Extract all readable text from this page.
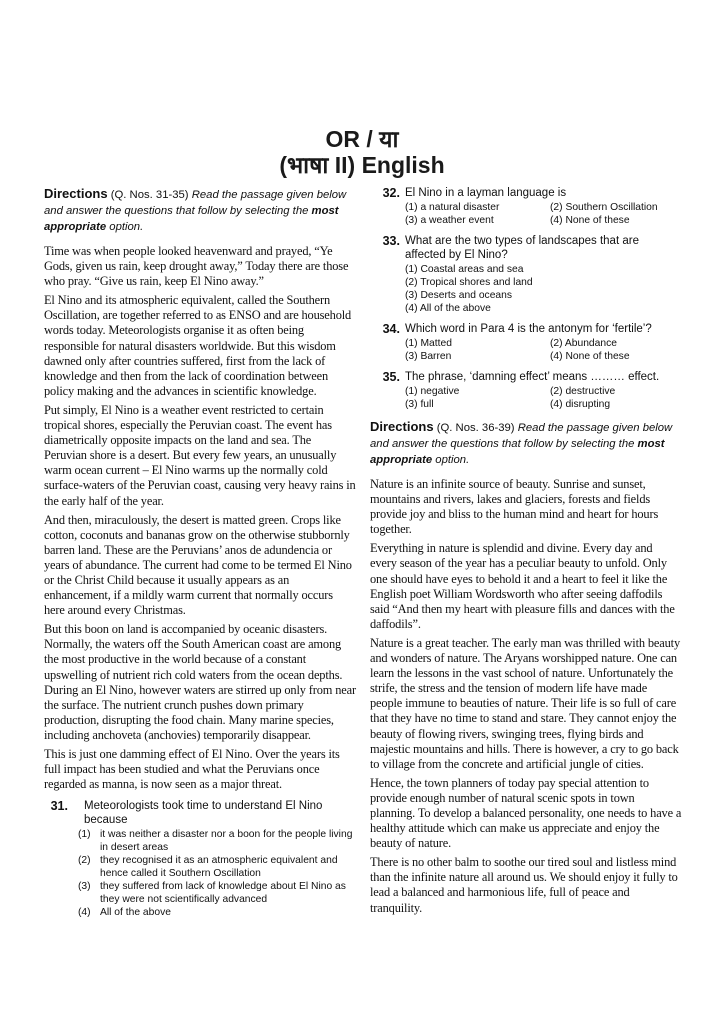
OR / या
(भाषा II) English
Directions (Q. Nos. 31-35) Read the passage given below and answer the questions that follow by selecting the most appropriate option.

Time was when people looked heavenward and prayed, “Ye Gods, given us rain, keep drought away,” Today there are those who pray. “Give us rain, keep El Nino away.”

El Nino and its atmospheric equivalent, called the Southern Oscillation, are together referred to as ENSO and are household words today. Meteorologists organise it as often being responsible for natural disasters worldwide. But this wisdom dawned only after countries suffered, first from the lack of knowledge and then from the lack of coordination between policy making and the advances in scientific knowledge.

Put simply, El Nino is a weather event restricted to certain tropical shores, especially the Peruvian coast. The event has diametrically opposite impacts on the land and sea. The Peruvian shore is a desert. But every few years, an unusually warm ocean current – El Nino warms up the normally cold surface-waters of the Peruvian coast, causing very heavy rains in the early half of the year.

And then, miraculously, the desert is matted green. Crops like cotton, coconuts and bananas grow on the otherwise stubbornly barren land. These are the Peruvians’ anos de adundencia or years of abundance. The current had come to be termed El Nino or the Christ Child because it usually appears as an enhancement, if a mildly warm current that normally occurs here around every Christmas.

But this boon on land is accompanied by oceanic disasters. Normally, the waters off the South American coast are among the most productive in the world because of a constant upswelling of nutrient rich cold waters from the ocean depths. During an El Nino, however waters are stirred up only from near the surface. The nutrient crunch pushes down primary production, disrupting the food chain. Many marine species, including anchoveta (anchovies) temporarily disappear.

This is just one damming effect of El Nino. Over the years its full impact has been studied and what the Peruvians once regarded as manna, is now seen as a major threat.

31. Meteorologists took time to understand El Nino because
(1) it was neither a disaster nor a boon for the people living in desert areas
(2) they recognised it as an atmospheric equivalent and hence called it Southern Oscillation
(3) they suffered from lack of knowledge about El Nino as they were not scientifically advanced
(4) All of the above
32. El Nino in a layman language is
(1) a natural disaster	(2) Southern Oscillation
(3) a weather event	(4) None of these
33. What are the two types of landscapes that are affected by El Nino?
(1) Coastal areas and sea
(2) Tropical shores and land
(3) Deserts and oceans
(4) All of the above
34. Which word in Para 4 is the antonym for ‘fertile’?
(1) Matted	(2) Abundance
(3) Barren	(4) None of these
35. The phrase, ‘damning effect’ means ……… effect.
(1) negative	(2) destructive
(3) full	(4) disrupting
Directions (Q. Nos. 36-39) Read the passage given below and answer the questions that follow by selecting the most appropriate option.

Nature is an infinite source of beauty. Sunrise and sunset, mountains and rivers, lakes and glaciers, forests and fields provide joy and bliss to the human mind and heart for hours together.

Everything in nature is splendid and divine. Every day and every season of the year has a peculiar beauty to unfold. Only one should have eyes to behold it and a heart to feel it like the English poet William Wordsworth who after seeing daffodils said “And then my heart with pleasure fills and dances with the daffodils”.

Nature is a great teacher. The early man was thrilled with beauty and wonders of nature. The Aryans worshipped nature. One can learn the lessons in the vast school of nature. Unfortunately the strife, the stress and the tension of modern life have made people immune to beauties of nature. Their life is so full of care that they have no time to stand and stare. They cannot enjoy the beauty of flowing rivers, swinging trees, flying birds and majestic mountains and hills. There is however, a cry to go back to village from the concrete and artificial jungle of cities.

Hence, the town planners of today pay special attention to provide enough number of natural scenic spots in town planning. To develop a balanced personality, one needs to have a healthy attitude which can make us appreciate and enjoy the beauty of nature.

There is no other balm to soothe our tired soul and listless mind than the infinite nature all around us. We should enjoy it fully to lead a balanced and harmonious life, full of peace and tranquility.
